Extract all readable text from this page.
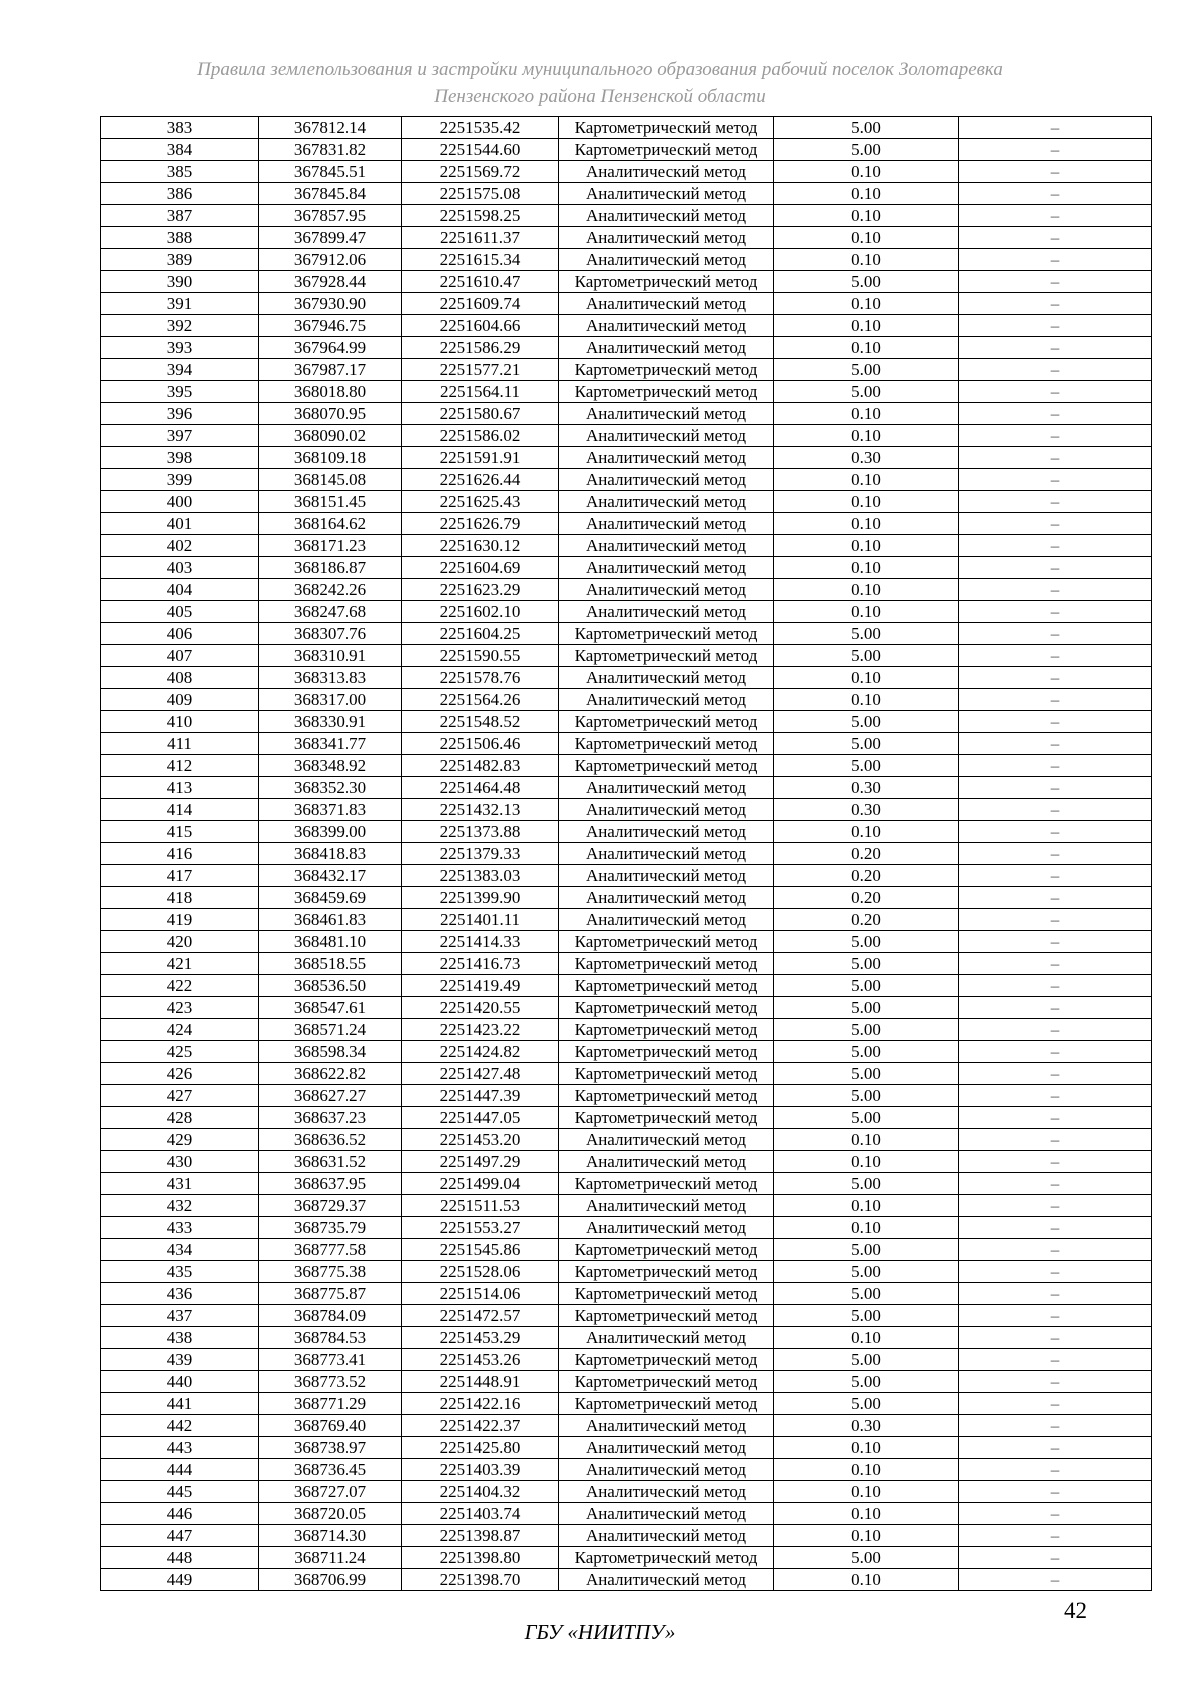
Правила землепользования и застройки муниципального образования рабочий поселок Золотаревка
Пензенского района Пензенской области
383	367812.14	2251535.42	Картометрический метод	5.00	–
384	367831.82	2251544.60	Картометрический метод	5.00	–
385	367845.51	2251569.72	Аналитический метод	0.10	–
386	367845.84	2251575.08	Аналитический метод	0.10	–
387	367857.95	2251598.25	Аналитический метод	0.10	–
388	367899.47	2251611.37	Аналитический метод	0.10	–
389	367912.06	2251615.34	Аналитический метод	0.10	–
390	367928.44	2251610.47	Картометрический метод	5.00	–
391	367930.90	2251609.74	Аналитический метод	0.10	–
392	367946.75	2251604.66	Аналитический метод	0.10	–
393	367964.99	2251586.29	Аналитический метод	0.10	–
394	367987.17	2251577.21	Картометрический метод	5.00	–
395	368018.80	2251564.11	Картометрический метод	5.00	–
396	368070.95	2251580.67	Аналитический метод	0.10	–
397	368090.02	2251586.02	Аналитический метод	0.10	–
398	368109.18	2251591.91	Аналитический метод	0.30	–
399	368145.08	2251626.44	Аналитический метод	0.10	–
400	368151.45	2251625.43	Аналитический метод	0.10	–
401	368164.62	2251626.79	Аналитический метод	0.10	–
402	368171.23	2251630.12	Аналитический метод	0.10	–
403	368186.87	2251604.69	Аналитический метод	0.10	–
404	368242.26	2251623.29	Аналитический метод	0.10	–
405	368247.68	2251602.10	Аналитический метод	0.10	–
406	368307.76	2251604.25	Картометрический метод	5.00	–
407	368310.91	2251590.55	Картометрический метод	5.00	–
408	368313.83	2251578.76	Аналитический метод	0.10	–
409	368317.00	2251564.26	Аналитический метод	0.10	–
410	368330.91	2251548.52	Картометрический метод	5.00	–
411	368341.77	2251506.46	Картометрический метод	5.00	–
412	368348.92	2251482.83	Картометрический метод	5.00	–
413	368352.30	2251464.48	Аналитический метод	0.30	–
414	368371.83	2251432.13	Аналитический метод	0.30	–
415	368399.00	2251373.88	Аналитический метод	0.10	–
416	368418.83	2251379.33	Аналитический метод	0.20	–
417	368432.17	2251383.03	Аналитический метод	0.20	–
418	368459.69	2251399.90	Аналитический метод	0.20	–
419	368461.83	2251401.11	Аналитический метод	0.20	–
420	368481.10	2251414.33	Картометрический метод	5.00	–
421	368518.55	2251416.73	Картометрический метод	5.00	–
422	368536.50	2251419.49	Картометрический метод	5.00	–
423	368547.61	2251420.55	Картометрический метод	5.00	–
424	368571.24	2251423.22	Картометрический метод	5.00	–
425	368598.34	2251424.82	Картометрический метод	5.00	–
426	368622.82	2251427.48	Картометрический метод	5.00	–
427	368627.27	2251447.39	Картометрический метод	5.00	–
428	368637.23	2251447.05	Картометрический метод	5.00	–
429	368636.52	2251453.20	Аналитический метод	0.10	–
430	368631.52	2251497.29	Аналитический метод	0.10	–
431	368637.95	2251499.04	Картометрический метод	5.00	–
432	368729.37	2251511.53	Аналитический метод	0.10	–
433	368735.79	2251553.27	Аналитический метод	0.10	–
434	368777.58	2251545.86	Картометрический метод	5.00	–
435	368775.38	2251528.06	Картометрический метод	5.00	–
436	368775.87	2251514.06	Картометрический метод	5.00	–
437	368784.09	2251472.57	Картометрический метод	5.00	–
438	368784.53	2251453.29	Аналитический метод	0.10	–
439	368773.41	2251453.26	Картометрический метод	5.00	–
440	368773.52	2251448.91	Картометрический метод	5.00	–
441	368771.29	2251422.16	Картометрический метод	5.00	–
442	368769.40	2251422.37	Аналитический метод	0.30	–
443	368738.97	2251425.80	Аналитический метод	0.10	–
444	368736.45	2251403.39	Аналитический метод	0.10	–
445	368727.07	2251404.32	Аналитический метод	0.10	–
446	368720.05	2251403.74	Аналитический метод	0.10	–
447	368714.30	2251398.87	Аналитический метод	0.10	–
448	368711.24	2251398.80	Картометрический метод	5.00	–
449	368706.99	2251398.70	Аналитический метод	0.10	–
42
ГБУ «НИИТПУ»
